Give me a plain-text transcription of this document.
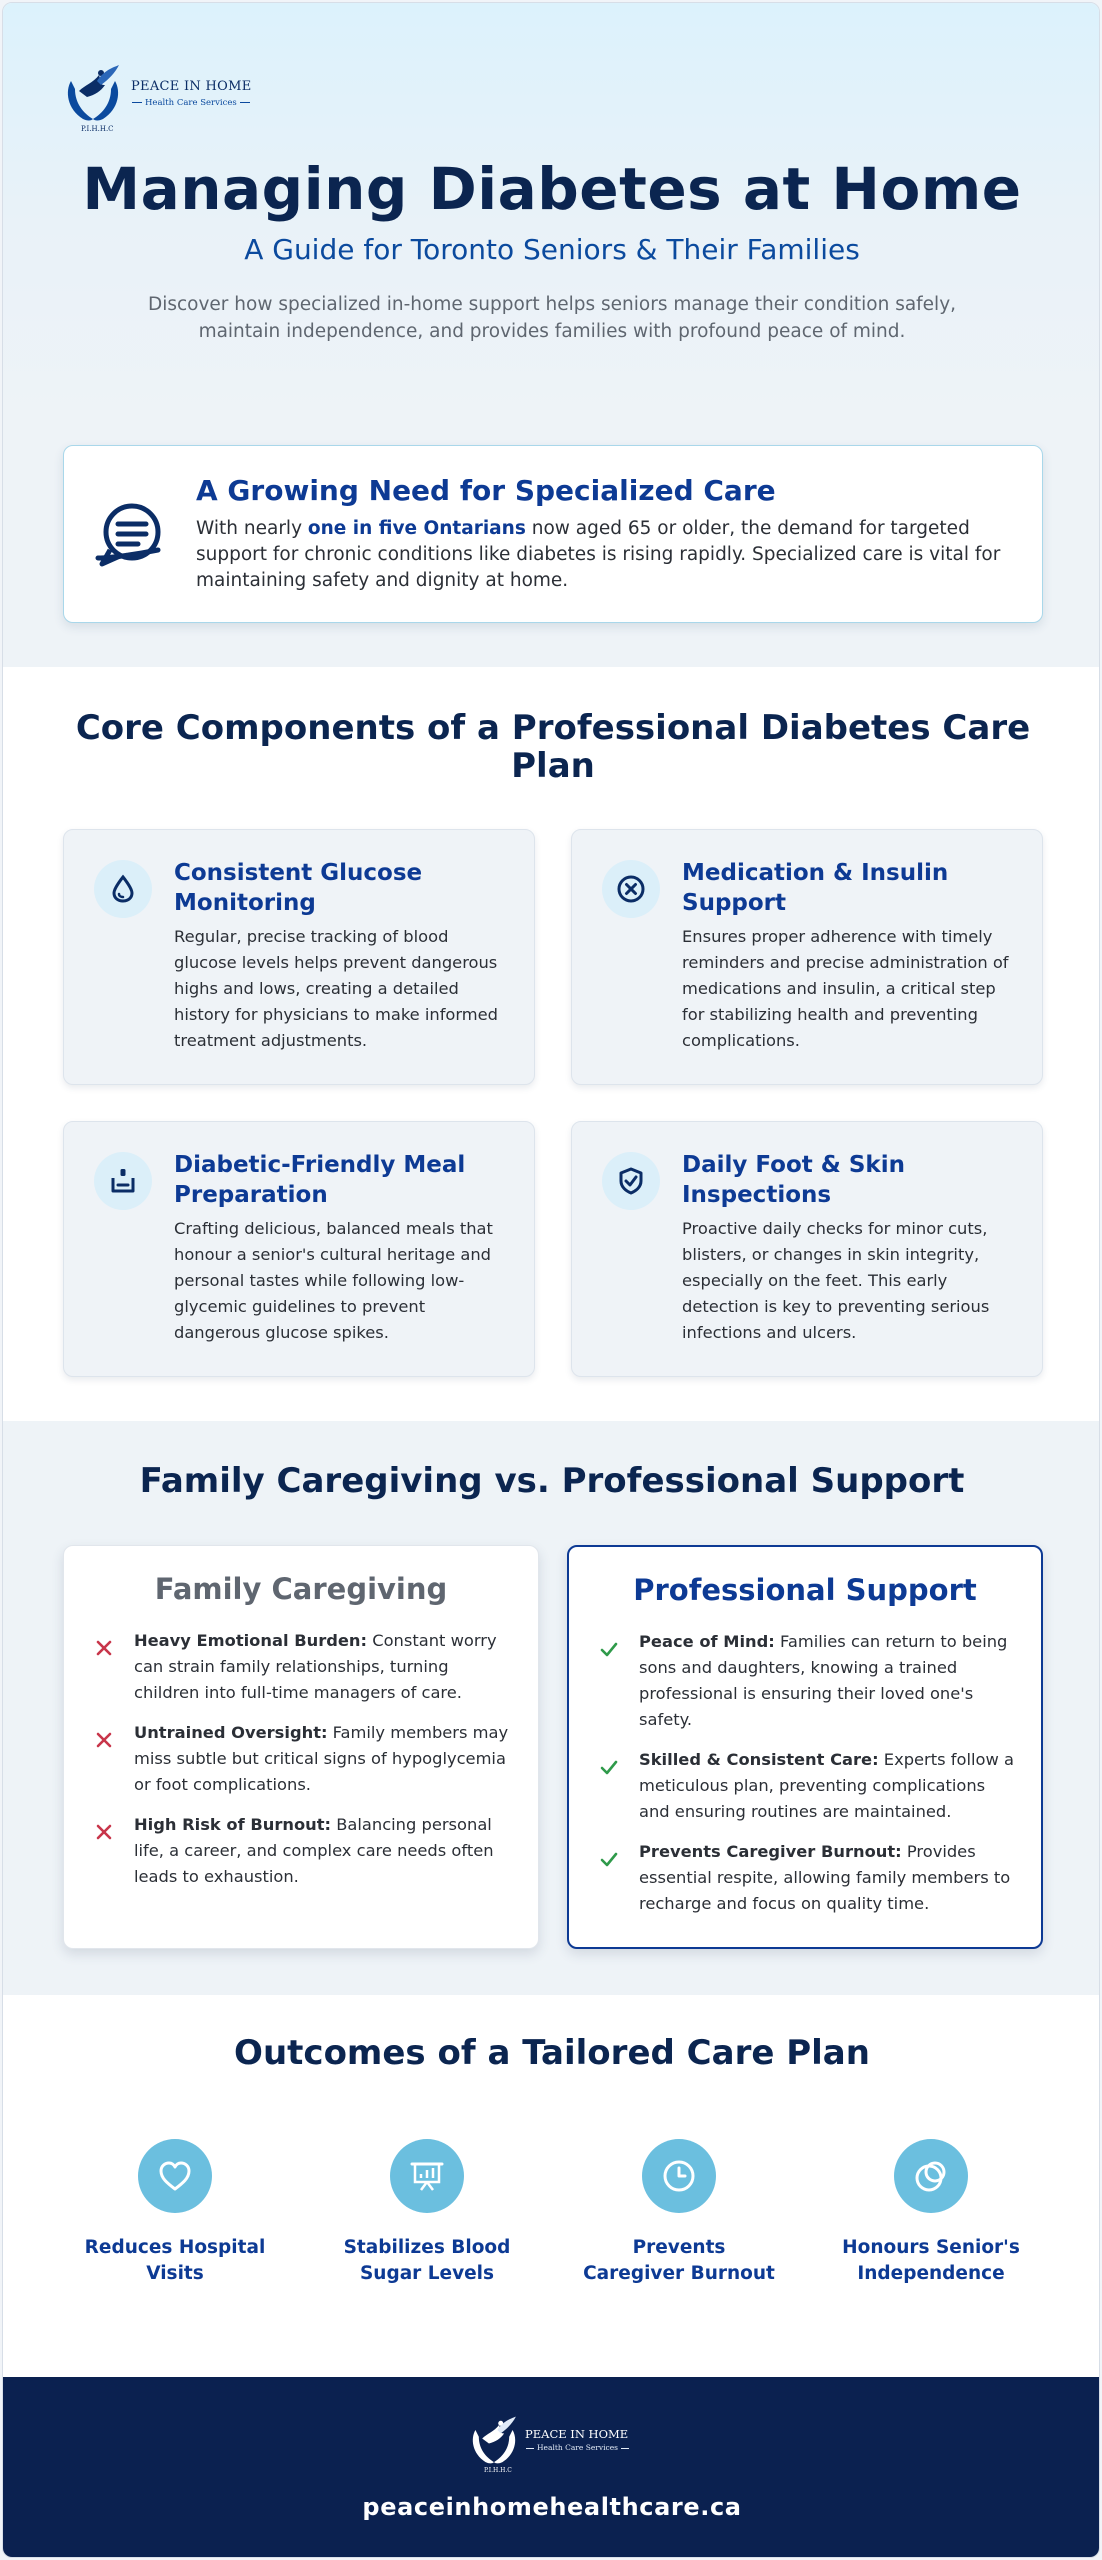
PEACE IN HOME
Health Care Services
P.I.H.H.C
Managing Diabetes at Home
A Guide for Toronto Seniors & Their Families

Discover how specialized in-home support helps seniors manage their condition safely, maintain independence, and provides families with profound peace of mind.

A Growing Need for Specialized Care

With nearly one in five Ontarians now aged 65 or older, the demand for targeted support for chronic conditions like diabetes is rising rapidly. Specialized care is vital for maintaining safety and dignity at home.

Core Components of a Professional Diabetes Care Plan
Consistent Glucose Monitoring

Regular, precise tracking of blood glucose levels helps prevent dangerous highs and lows, creating a detailed history for physicians to make informed treatment adjustments.

Medication & Insulin Support

Ensures proper adherence with timely reminders and precise administration of medications and insulin, a critical step for stabilizing health and preventing complications.

Diabetic-Friendly Meal Preparation

Crafting delicious, balanced meals that honour a senior's cultural heritage and personal tastes while following low-glycemic guidelines to prevent dangerous glucose spikes.

Daily Foot & Skin Inspections

Proactive daily checks for minor cuts, blisters, or changes in skin integrity, especially on the feet. This early detection is key to preventing serious infections and ulcers.

Family Caregiving vs. Professional Support
Family Caregiving
Heavy Emotional Burden: Constant worry can strain family relationships, turning children into full-time managers of care.
Untrained Oversight: Family members may miss subtle but critical signs of hypoglycemia or foot complications.
High Risk of Burnout: Balancing personal life, a career, and complex care needs often leads to exhaustion.
Professional Support
Peace of Mind: Families can return to being sons and daughters, knowing a trained professional is ensuring their loved one's safety.
Skilled & Consistent Care: Experts follow a meticulous plan, preventing complications and ensuring routines are maintained.
Prevents Caregiver Burnout: Provides essential respite, allowing family members to recharge and focus on quality time.
Outcomes of a Tailored Care Plan
Reduces Hospital Visits
Stabilizes Blood Sugar Levels
Prevents Caregiver Burnout
Honours Senior's Independence
PEACE IN HOME
Health Care Services
P.I.H.H.C
peaceinhomehealthcare.ca
